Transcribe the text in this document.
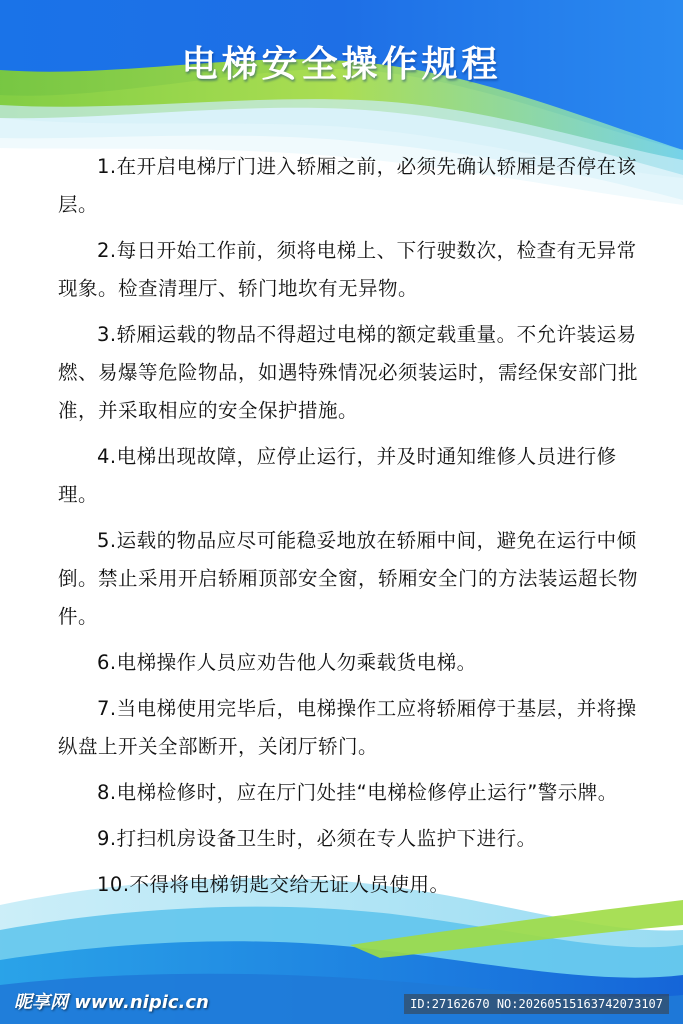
电梯安全操作规程

1.在开启电梯厅门进入轿厢之前，必须先确认轿厢是否停在该层。

2.每日开始工作前，须将电梯上、下行驶数次，检查有无异常现象。检查清理厅、轿门地坎有无异物。

3.轿厢运载的物品不得超过电梯的额定载重量。不允许装运易燃、易爆等危险物品，如遇特殊情况必须装运时，需经保安部门批准，并采取相应的安全保护措施。

4.电梯出现故障，应停止运行，并及时通知维修人员进行修理。

5.运载的物品应尽可能稳妥地放在轿厢中间，避免在运行中倾倒。禁止采用开启轿厢顶部安全窗，轿厢安全门的方法装运超长物件。

6.电梯操作人员应劝告他人勿乘载货电梯。

7.当电梯使用完毕后，电梯操作工应将轿厢停于基层，并将操纵盘上开关全部断开，关闭厅轿门。

8.电梯检修时，应在厅门处挂“电梯检修停止运行”警示牌。

9.打扫机房设备卫生时，必须在专人监护下进行。

10.不得将电梯钥匙交给无证人员使用。

昵享网 www.nipic.cn	ID:27162670 NO:20260515163742073107
